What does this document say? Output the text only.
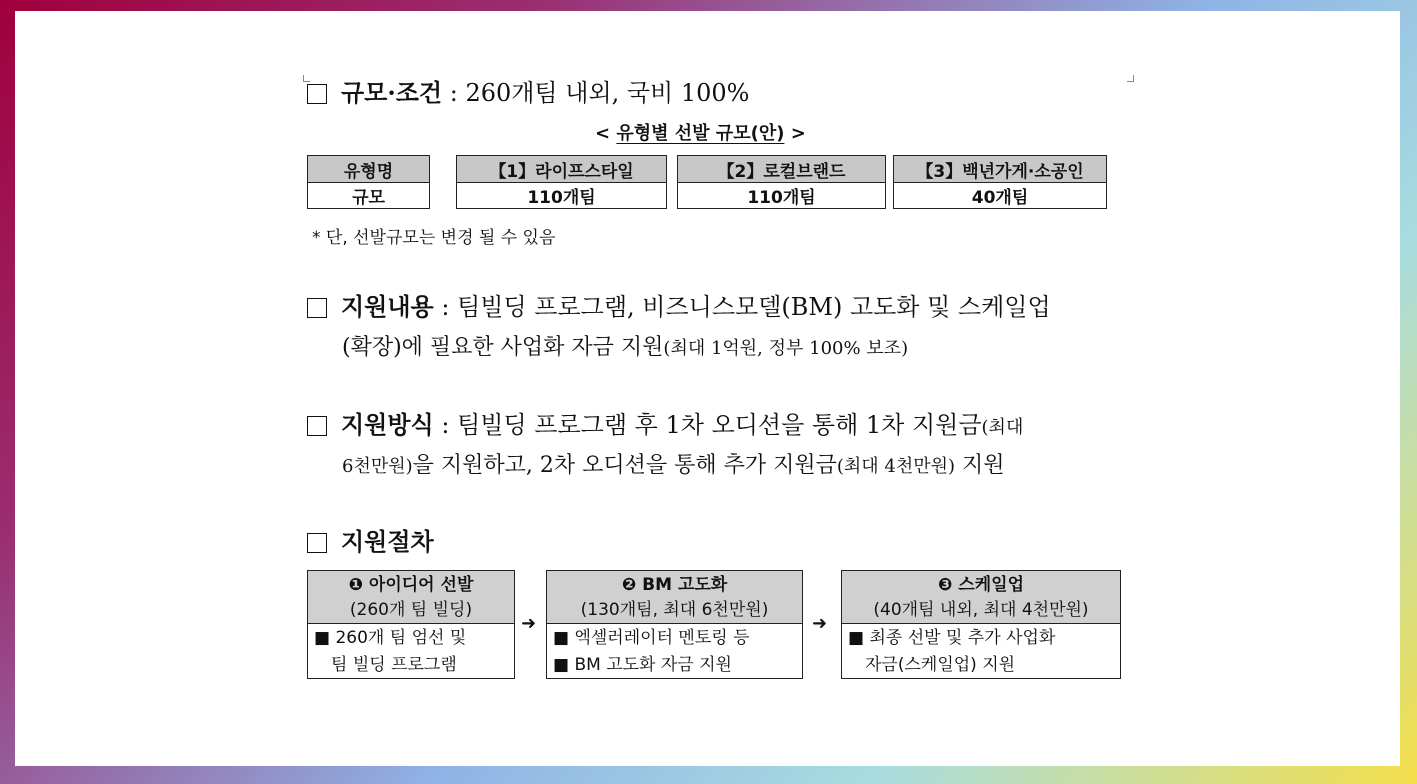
규모·조건 : 260개팀 내외, 국비 100%
< 유형별 선발 규모(안) >
유형명
규모
【1】라이프스타일
110개팀
【2】로컬브랜드
110개팀
【3】백년가게·소공인
40개팀
* 단, 선발규모는 변경 될 수 있음
지원내용 : 팀빌딩 프로그램, 비즈니스모델(BM) 고도화 및 스케일업
(확장)에 필요한 사업화 자금 지원(최대 1억원, 정부 100% 보조)
지원방식 : 팀빌딩 프로그램 후 1차 오디션을 통해 1차 지원금(최대
6천만원)을 지원하고, 2차 오디션을 통해 추가 지원금(최대 4천만원) 지원
지원절차
❶ 아이디어 선발
(260개 팀 빌딩)
■ 260개 팀 엄선 및
　팀 빌딩 프로그램
➜
❷ BM 고도화
(130개팀, 최대 6천만원)
■ 엑셀러레이터 멘토링 등
■ BM 고도화 자금 지원
➜
❸ 스케일업
(40개팀 내외, 최대 4천만원)
■ 최종 선발 및 추가 사업화
　자금(스케일업) 지원
